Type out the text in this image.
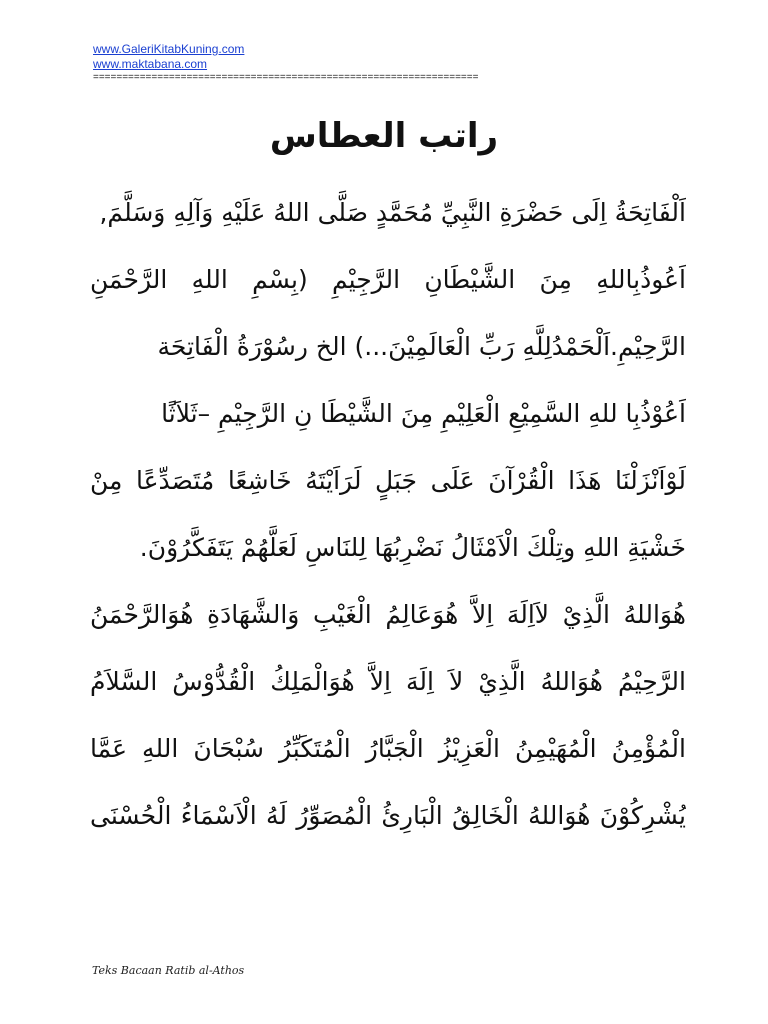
www.GaleriKitabKuning.com
www.maktabana.com
==================================================================
راتب العطاس
اَلْفَاتِحَةُ اِلَى حَضْرَةِ النَّبِيِّ مُحَمَّدٍ صَلَّى اللهُ عَلَيْهِ وَآلِهِ وَسَلَّمَ,
اَعُوذُبِاللهِ مِنَ الشَّيْطَانِ الرَّجِيْمِ (بِسْمِ اللهِ الرَّحْمَنِ
الرَّحِيْمِ.اَلْحَمْدُلِلَّهِ رَبِّ الْعَالَمِيْنَ...) الخ رسُوْرَةُ الْفَاتِحَة
اَعُوْذُبِا للهِ السَّمِيْعِ الْعَلِيْمِ مِنَ الشَّيْطَا نِ الرَّجِيْمِ –ثَلاَثًا
لَوْاَنْزَلْنَا هَذَا الْقُرْآنَ عَلَى جَبَلٍ لَرَاَيْتَهُ خَاشِعًا مُتَصَدِّعًا مِنْ
خَشْيَةِ اللهِ وتِلْكَ الْاَمْثَالُ نَضْرِبُهَا لِلنَاسِ لَعَلَّهُمْ يَتَفَكَّرُوْنَ.
هُوَاللهُ الَّذِيْ لاَاِلَهَ اِلاَّ هُوَعَالِمُ الْغَيْبِ وَالشَّهَادَةِ هُوَالرَّحْمَنُ
الرَّحِيْمُ هُوَاللهُ الَّذِيْ لاَ اِلَهَ اِلاَّ هُوَالْمَلِكُ الْقُدُّوْسُ السَّلاَمُ
الْمُؤْمِنُ الْمُهَيْمِنُ الْعَزِيْزُ الْجَبَّارُ الْمُتَكَبِّرُ سُبْحَانَ اللهِ عَمَّا
يُشْرِكُوْنَ هُوَاللهُ الْخَالِقُ الْبَارِئُ الْمُصَوِّرُ لَهُ الْاَسْمَاءُ الْحُسْنَى
Teks Bacaan Ratib al-Athos
